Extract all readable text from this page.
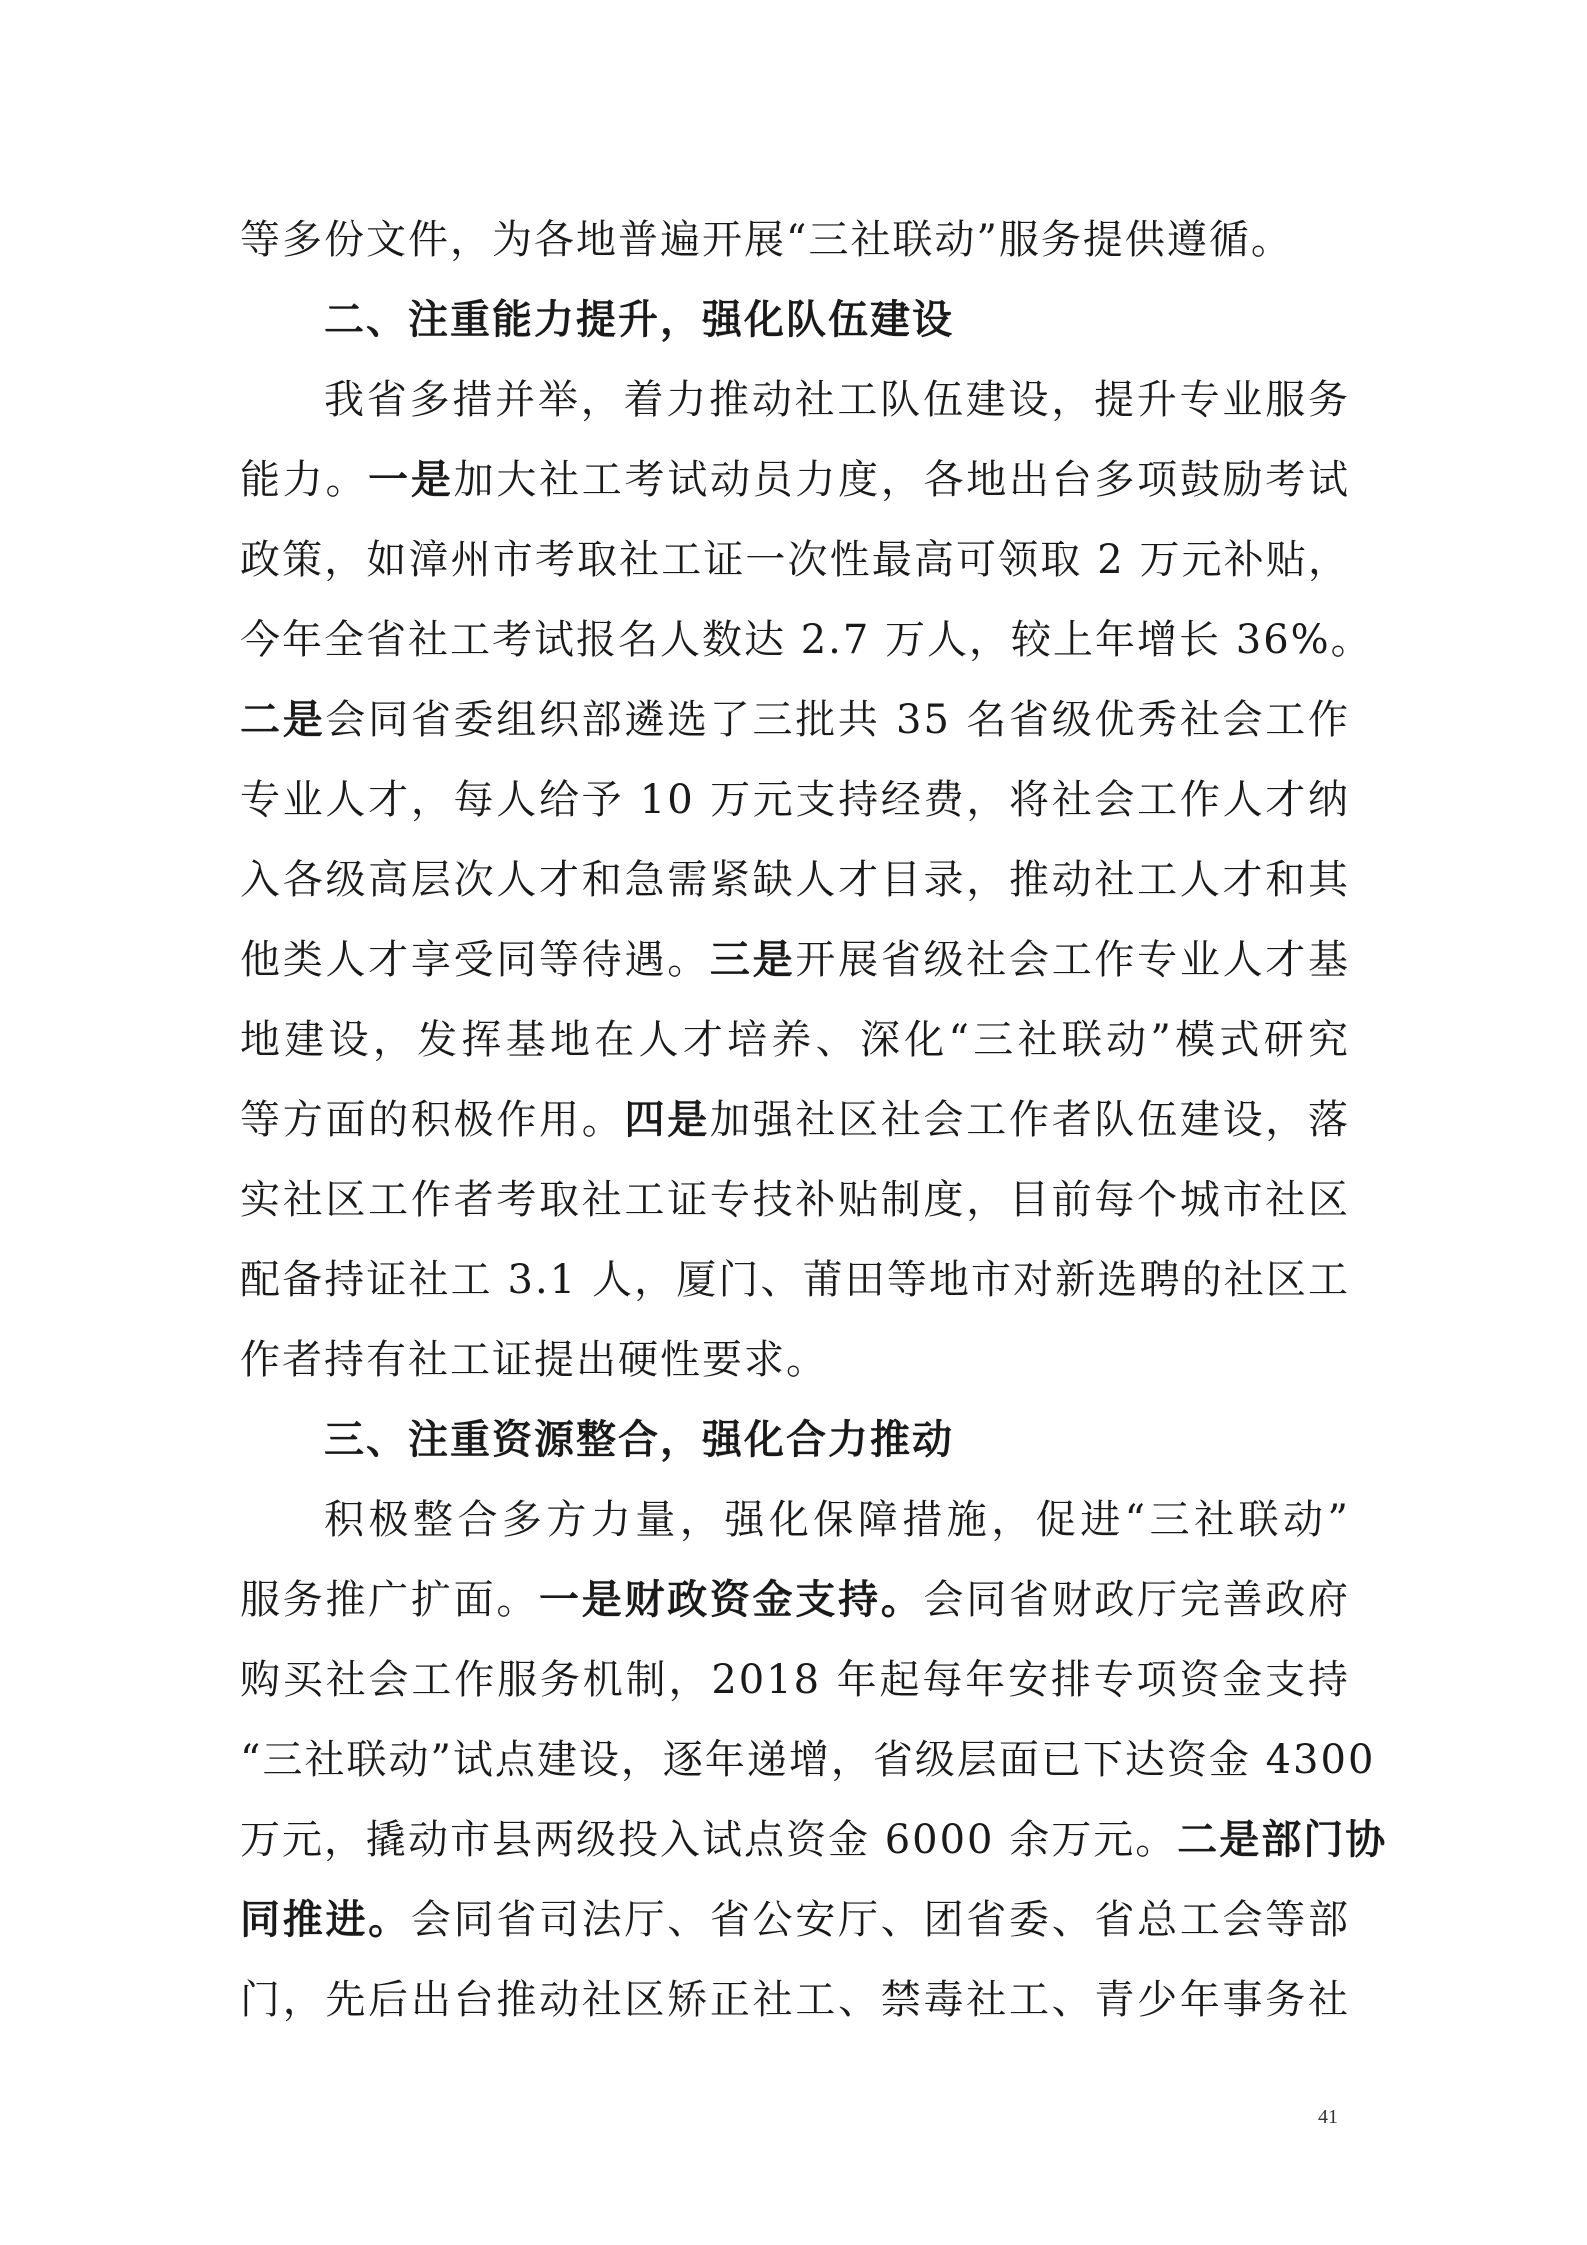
等多份文件，为各地普遍开展“三社联动”服务提供遵循。
二、注重能力提升，强化队伍建设
我省多措并举，着力推动社工队伍建设，提升专业服务
能力。一是加大社工考试动员力度，各地出台多项鼓励考试
政策，如漳州市考取社工证一次性最高可领取 2 万元补贴，
今年全省社工考试报名人数达 2.7 万人，较上年增长 36%。
二是会同省委组织部遴选了三批共 35 名省级优秀社会工作
专业人才，每人给予 10 万元支持经费，将社会工作人才纳
入各级高层次人才和急需紧缺人才目录，推动社工人才和其
他类人才享受同等待遇。三是开展省级社会工作专业人才基
地建设，发挥基地在人才培养、深化“三社联动”模式研究
等方面的积极作用。四是加强社区社会工作者队伍建设，落
实社区工作者考取社工证专技补贴制度，目前每个城市社区
配备持证社工 3.1 人，厦门、莆田等地市对新选聘的社区工
作者持有社工证提出硬性要求。
三、注重资源整合，强化合力推动
积极整合多方力量，强化保障措施，促进“三社联动”
服务推广扩面。一是财政资金支持。会同省财政厅完善政府
购买社会工作服务机制，2018 年起每年安排专项资金支持
“三社联动”试点建设，逐年递增，省级层面已下达资金 4300
万元，撬动市县两级投入试点资金 6000 余万元。二是部门协
同推进。会同省司法厅、省公安厅、团省委、省总工会等部
门，先后出台推动社区矫正社工、禁毒社工、青少年事务社
41
